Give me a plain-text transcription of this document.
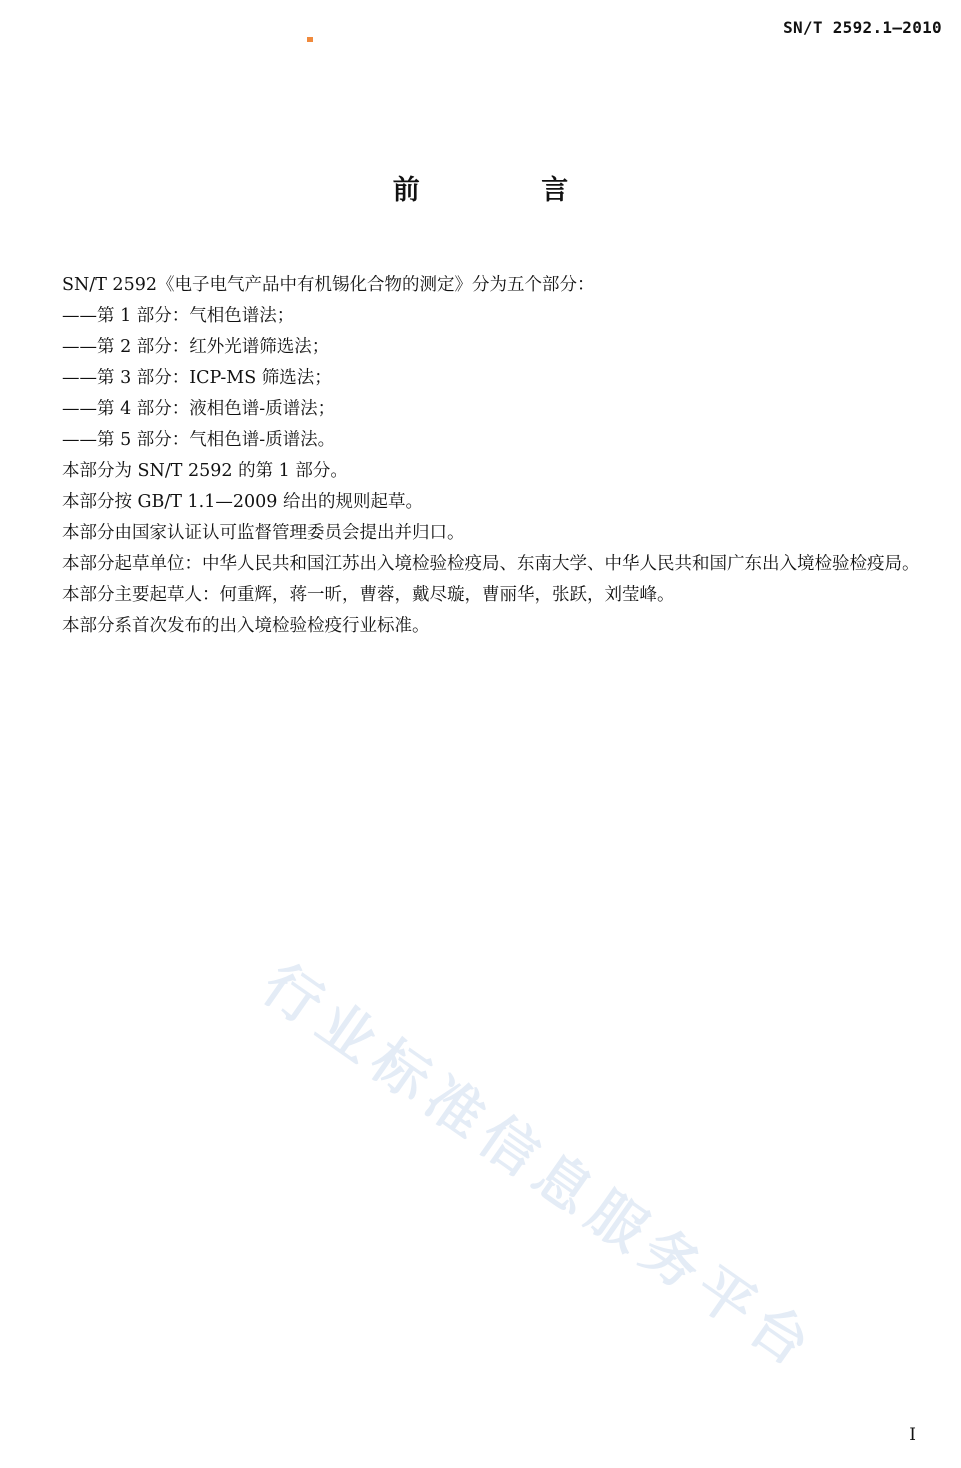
SN/T 2592.1—2010
前 言

SN/T 2592《电子电气产品中有机锡化合物的测定》分为五个部分：

——第 1 部分：气相色谱法；

——第 2 部分：红外光谱筛选法；

——第 3 部分：ICP-MS 筛选法；

——第 4 部分：液相色谱-质谱法；

——第 5 部分：气相色谱-质谱法。

本部分为 SN/T 2592 的第 1 部分。

本部分按 GB/T 1.1—2009 给出的规则起草。

本部分由国家认证认可监督管理委员会提出并归口。

本部分起草单位：中华人民共和国江苏出入境检验检疫局、东南大学、中华人民共和国广东出入境检验检疫局。

本部分主要起草人：何重辉，蒋一昕，曹蓉，戴尽璇，曹丽华，张跃，刘莹峰。

本部分系首次发布的出入境检验检疫行业标准。

行业标准信息服务平台
I
